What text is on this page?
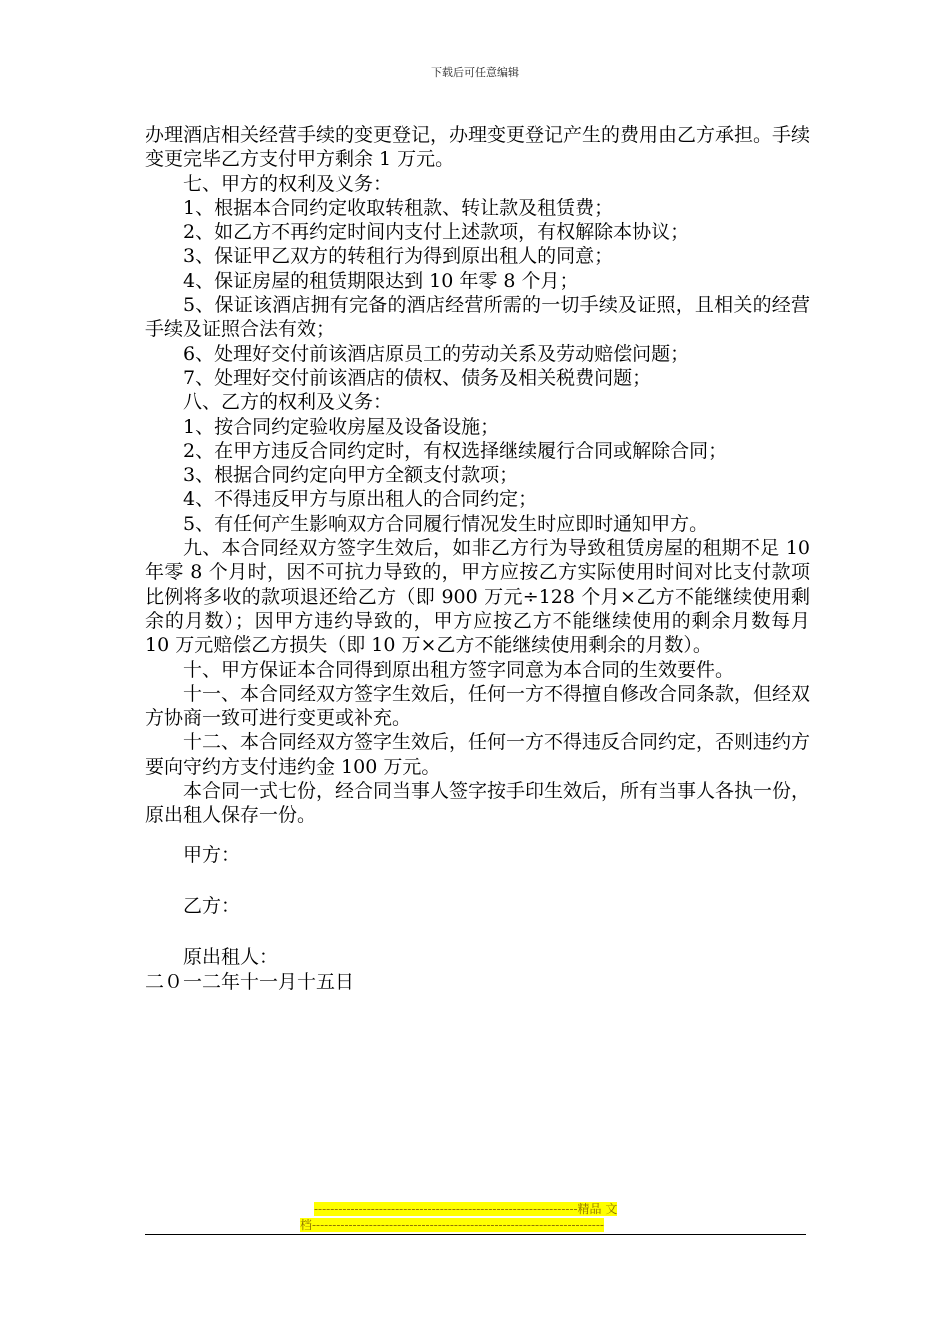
下载后可任意编辑

办理酒店相关经营手续的变更登记，办理变更登记产生的费用由乙方承担。手续变更完毕乙方支付甲方剩余 1 万元。

七、甲方的权利及义务：

1、根据本合同约定收取转租款、转让款及租赁费；

2、如乙方不再约定时间内支付上述款项，有权解除本协议；

3、保证甲乙双方的转租行为得到原出租人的同意；

4、保证房屋的租赁期限达到 10 年零 8 个月；

5、保证该酒店拥有完备的酒店经营所需的一切手续及证照，且相关的经营手续及证照合法有效；

6、处理好交付前该酒店原员工的劳动关系及劳动赔偿问题；

7、处理好交付前该酒店的债权、债务及相关税费问题；

八、乙方的权利及义务：

1、按合同约定验收房屋及设备设施；

2、在甲方违反合同约定时，有权选择继续履行合同或解除合同；

3、根据合同约定向甲方全额支付款项；

4、不得违反甲方与原出租人的合同约定；

5、有任何产生影响双方合同履行情况发生时应即时通知甲方。

九、本合同经双方签字生效后，如非乙方行为导致租赁房屋的租期不足 10 年零 8 个月时，因不可抗力导致的，甲方应按乙方实际使用时间对比支付款项比例将多收的款项退还给乙方（即 900 万元÷128 个月×乙方不能继续使用剩余的月数）；因甲方违约导致的，甲方应按乙方不能继续使用的剩余月数每月 10 万元赔偿乙方损失（即 10 万×乙方不能继续使用剩余的月数）。

十、甲方保证本合同得到原出租方签字同意为本合同的生效要件。

十一、本合同经双方签字生效后，任何一方不得擅自修改合同条款，但经双方协商一致可进行变更或补充。

十二、本合同经双方签字生效后，任何一方不得违反合同约定，否则违约方要向守约方支付违约金 100 万元。

本合同一式七份，经合同当事人签字按手印生效后，所有当事人各执一份，原出租人保存一份。

甲方：

乙方：

原出租人：

二０一二年十一月十五日

-----------------------------------------------------------------精品 文
档------------------------------------------------------------------------
